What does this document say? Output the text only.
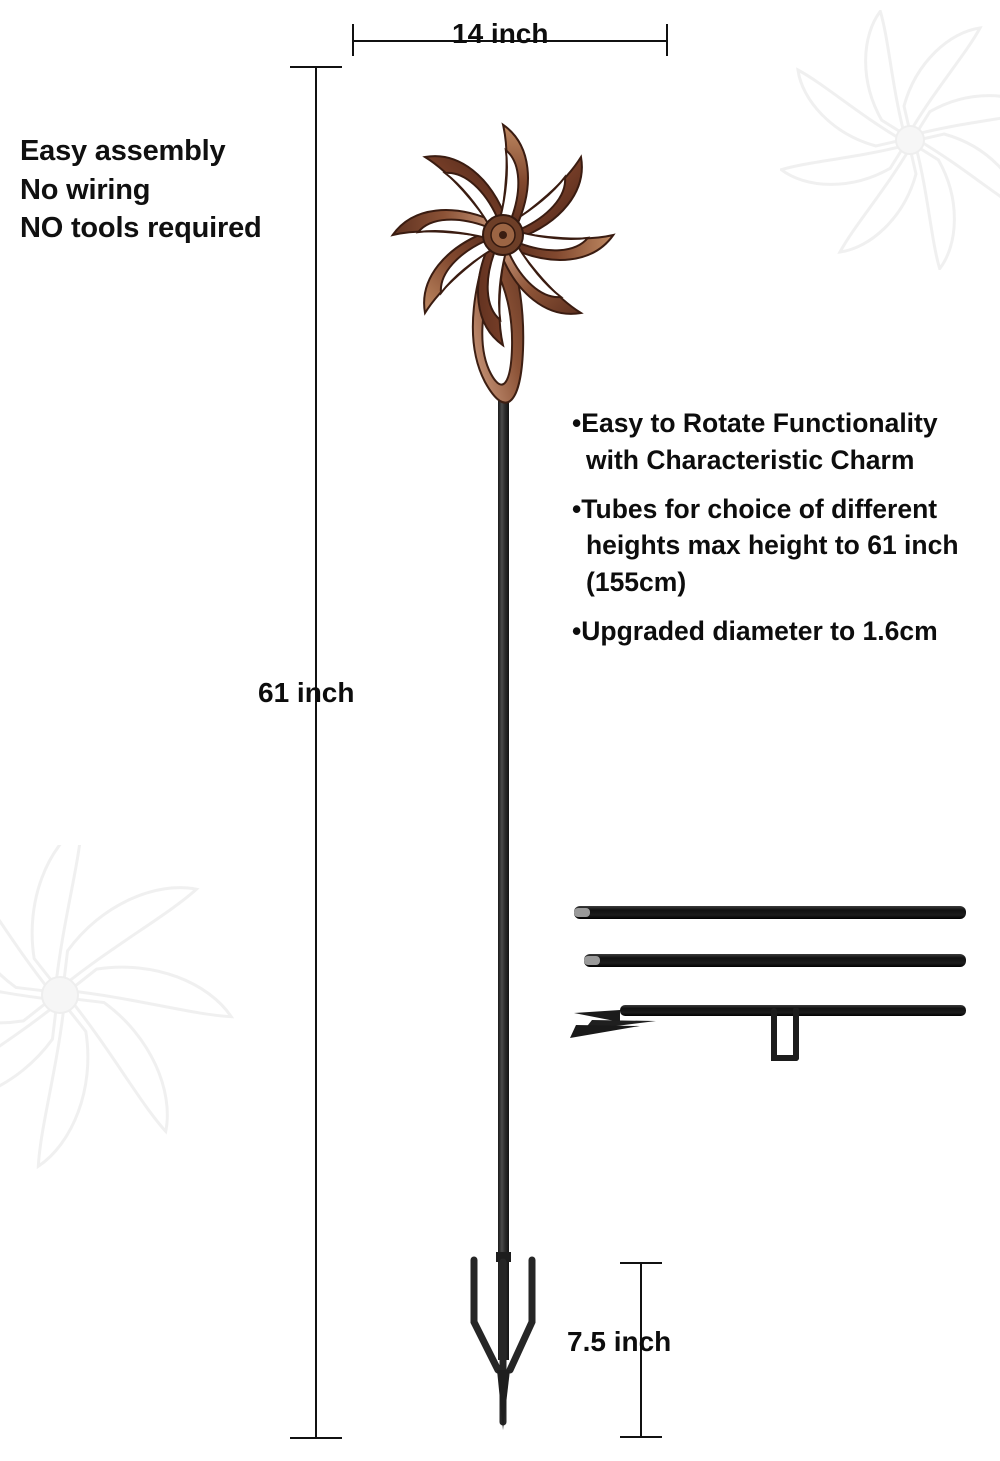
14 inch
61 inch
7.5 inch
Easy assembly
No wiring
NO tools required
•Easy to Rotate Functionality with Characteristic Charm
•Tubes for choice of different heights max height to 61 inch (155cm)
•Upgraded diameter to 1.6cm
